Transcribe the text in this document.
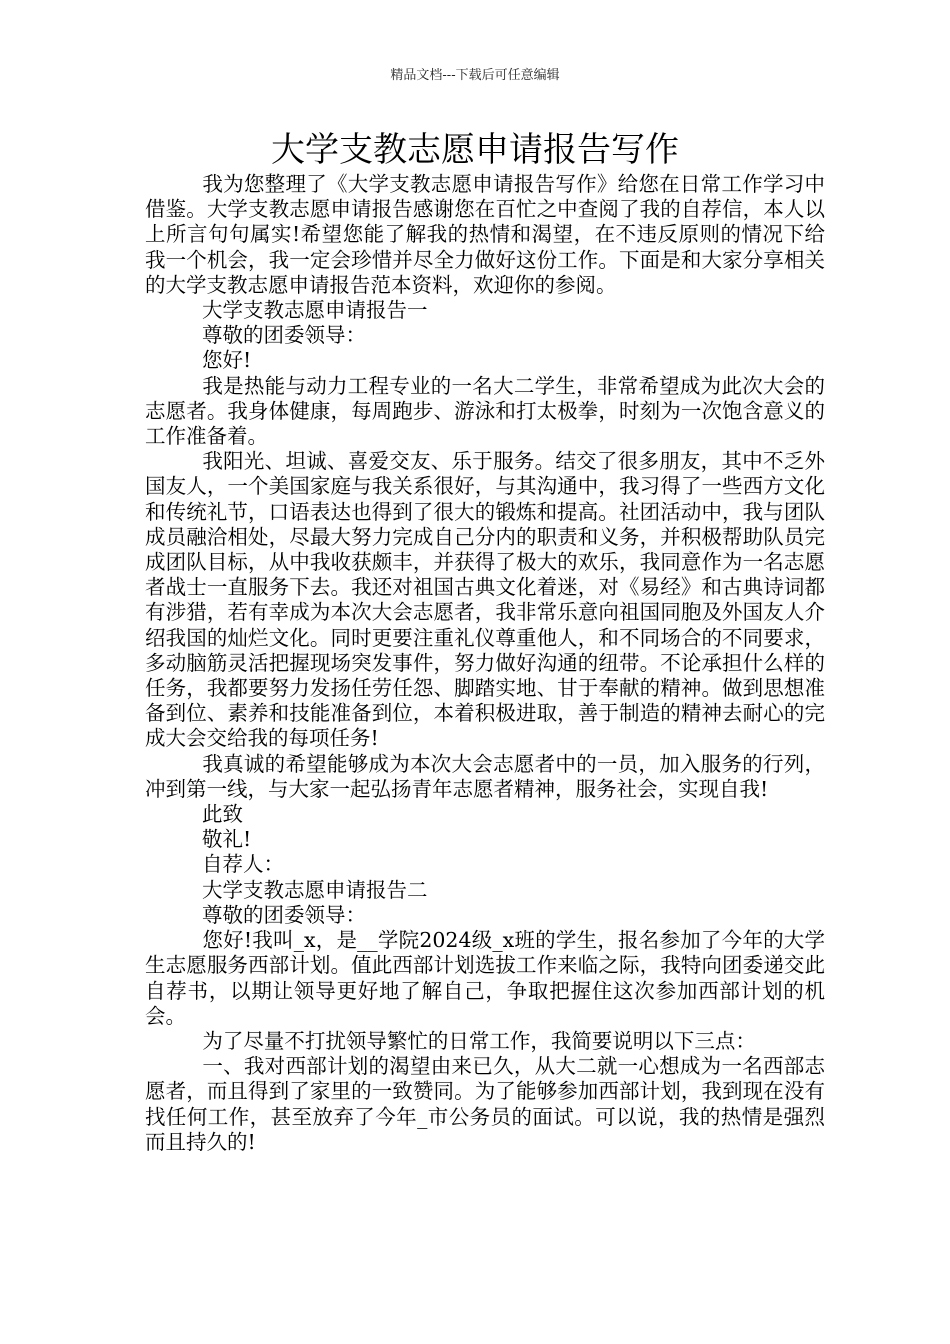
精品文档---下载后可任意编辑
大学支教志愿申请报告写作

我为您整理了《大学支教志愿申请报告写作》给您在日常工作学习中借鉴。大学支教志愿申请报告感谢您在百忙之中查阅了我的自荐信，本人以上所言句句属实!希望您能了解我的热情和渴望，在不违反原则的情况下给我一个机会，我一定会珍惜并尽全力做好这份工作。下面是和大家分享相关的大学支教志愿申请报告范本资料，欢迎你的参阅。

大学支教志愿申请报告一

尊敬的团委领导：

您好!

我是热能与动力工程专业的一名大二学生，非常希望成为此次大会的志愿者。我身体健康，每周跑步、游泳和打太极拳，时刻为一次饱含意义的工作准备着。

我阳光、坦诚、喜爱交友、乐于服务。结交了很多朋友，其中不乏外国友人，一个美国家庭与我关系很好，与其沟通中，我习得了一些西方文化和传统礼节，口语表达也得到了很大的锻炼和提高。社团活动中，我与团队成员融洽相处，尽最大努力完成自己分内的职责和义务，并积极帮助队员完成团队目标，从中我收获颇丰，并获得了极大的欢乐，我同意作为一名志愿者战士一直服务下去。我还对祖国古典文化着迷，对《易经》和古典诗词都有涉猎，若有幸成为本次大会志愿者，我非常乐意向祖国同胞及外国友人介绍我国的灿烂文化。同时更要注重礼仪尊重他人，和不同场合的不同要求，多动脑筋灵活把握现场突发事件，努力做好沟通的纽带。不论承担什么样的任务，我都要努力发扬任劳任怨、脚踏实地、甘于奉献的精神。做到思想准备到位、素养和技能准备到位，本着积极进取，善于制造的精神去耐心的完成大会交给我的每项任务!

我真诚的希望能够成为本次大会志愿者中的一员，加入服务的行列，冲到第一线，与大家一起弘扬青年志愿者精神，服务社会，实现自我!

此致

敬礼!

自荐人：

大学支教志愿申请报告二

尊敬的团委领导：

您好!我叫_x，是__学院2024级_x班的学生，报名参加了今年的大学生志愿服务西部计划。值此西部计划选拔工作来临之际，我特向团委递交此自荐书，以期让领导更好地了解自己，争取把握住这次参加西部计划的机会。

为了尽量不打扰领导繁忙的日常工作，我简要说明以下三点：

一、我对西部计划的渴望由来已久，从大二就一心想成为一名西部志愿者，而且得到了家里的一致赞同。为了能够参加西部计划，我到现在没有找任何工作，甚至放弃了今年_市公务员的面试。可以说，我的热情是强烈而且持久的!
